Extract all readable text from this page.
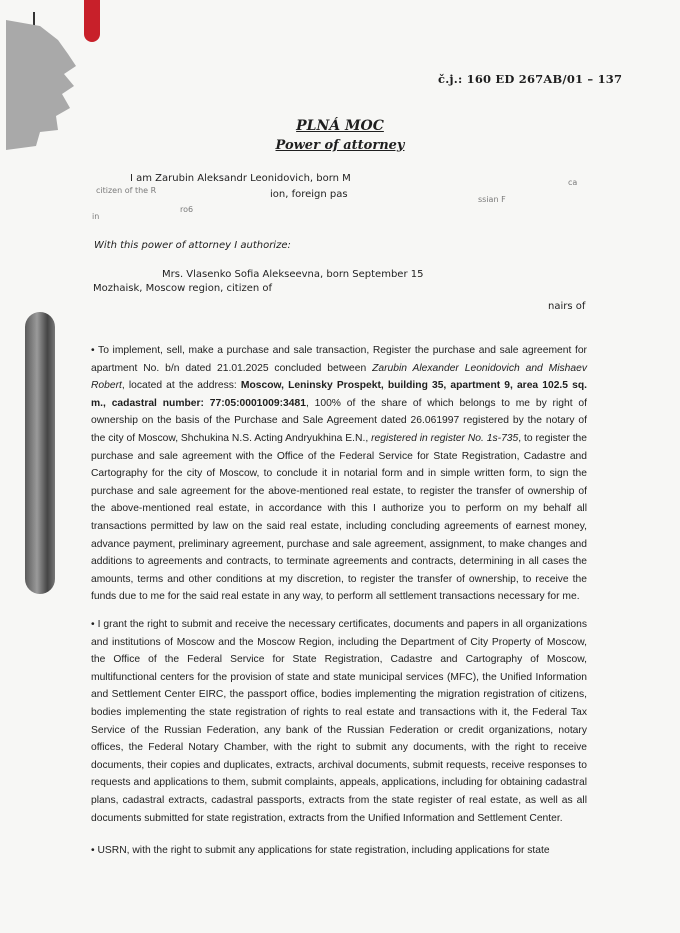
č.j.: 160 ED 267AB/01 – 137
PLNÁ MOC
Power of attorney
I am Zarubin Aleksandr Leonidovich, born M	ca
citizen of the R	ion, foreign pas	ssian F
ro6
in
With this power of attorney I authorize:
Mrs. Vlasenko Sofia Alekseevna, born September 15
Mozhaisk, Moscow region, citizen of
nairs of
• To implement, sell, make a purchase and sale transaction, Register the purchase and sale agreement for apartment No. b/n dated 21.01.2025 concluded between Zarubin Alexander Leonidovich and Mishaev Robert, located at the address: Moscow, Leninsky Prospekt, building 35, apartment 9, area 102.5 sq. m., cadastral number: 77:05:0001009:3481, 100% of the share of which belongs to me by right of ownership on the basis of the Purchase and Sale Agreement dated 26.061997 registered by the notary of the city of Moscow, Shchukina N.S. Acting Andryukhina E.N., registered in register No. 1s-735, to register the purchase and sale agreement with the Office of the Federal Service for State Registration, Cadastre and Cartography for the city of Moscow, to conclude it in notarial form and in simple written form, to sign the purchase and sale agreement for the above-mentioned real estate, to register the transfer of ownership of the above-mentioned real estate, in accordance with this I authorize you to perform on my behalf all transactions permitted by law on the said real estate, including concluding agreements of earnest money, advance payment, preliminary agreement, purchase and sale agreement, assignment, to make changes and additions to agreements and contracts, to terminate agreements and contracts, determining in all cases the amounts, terms and other conditions at my discretion, to register the transfer of ownership, to receive the funds due to me for the said real estate in any way, to perform all settlement transactions necessary for me.
• I grant the right to submit and receive the necessary certificates, documents and papers in all organizations and institutions of Moscow and the Moscow Region, including the Department of City Property of Moscow, the Office of the Federal Service for State Registration, Cadastre and Cartography of Moscow, multifunctional centers for the provision of state and state municipal services (MFC), the Unified Information and Settlement Center EIRC, the passport office, bodies implementing the migration registration of citizens, bodies implementing the state registration of rights to real estate and transactions with it, the Federal Tax Service of the Russian Federation, any bank of the Russian Federation or credit organizations, notary offices, the Federal Notary Chamber, with the right to submit any documents, with the right to receive documents, their copies and duplicates, extracts, archival documents, submit requests, receive responses to requests and applications to them, submit complaints, appeals, applications, including for obtaining cadastral plans, cadastral extracts, cadastral passports, extracts from the state register of real estate, as well as all documents submitted for state registration, extracts from the Unified Information and Settlement Center.
• USRN, with the right to submit any applications for state registration, including applications for state
